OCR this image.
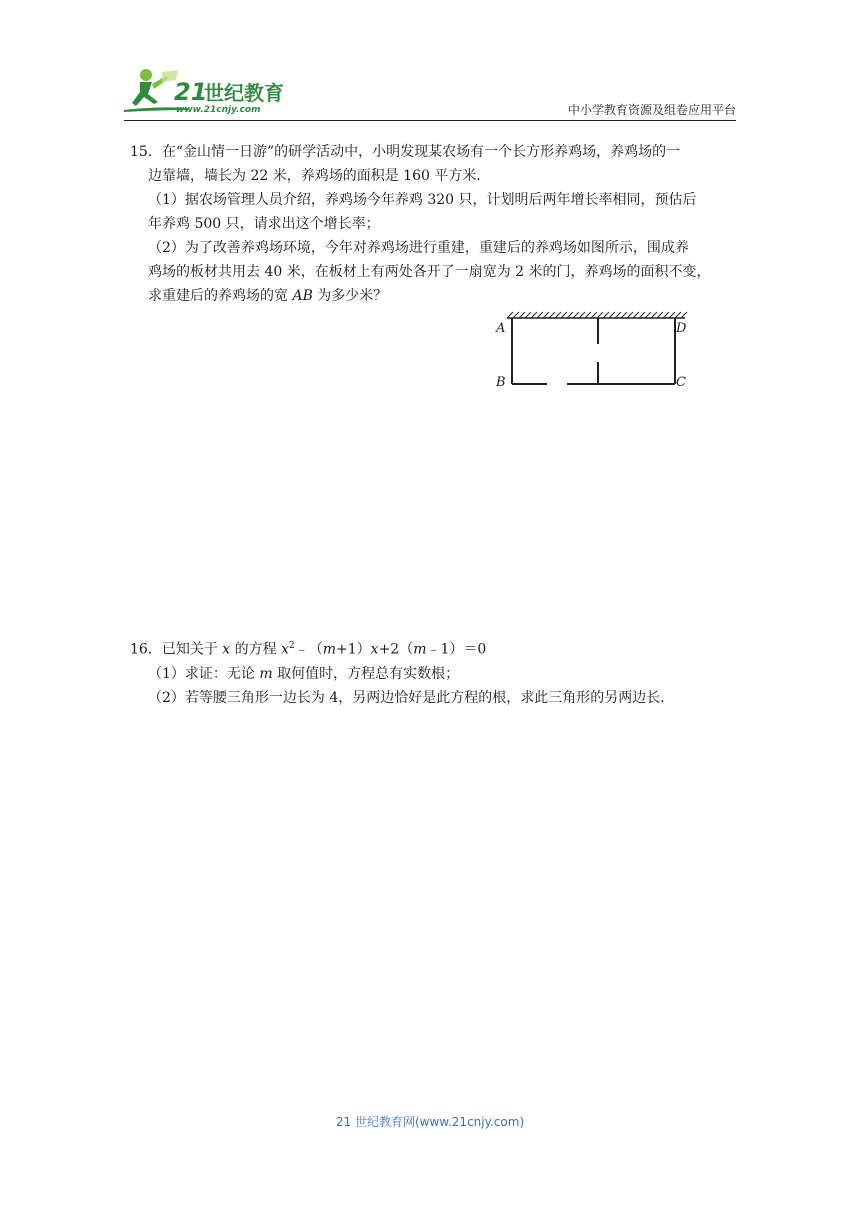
21
世纪教育
www.21cnjy.com	中小学教育资源及组卷应用平台
15．在“金山情一日游”的研学活动中，小明发现某农场有一个长方形养鸡场，养鸡场的一
边靠墙，墙长为 22 米，养鸡场的面积是 160 平方米．
（1）据农场管理人员介绍，养鸡场今年养鸡 320 只，计划明后两年增长率相同，预估后
年养鸡 500 只，请求出这个增长率；
（2）为了改善养鸡场环境，今年对养鸡场进行重建，重建后的养鸡场如图所示，围成养
鸡场的板材共用去 40 米，在板材上有两处各开了一扇宽为 2 米的门，养鸡场的面积不变，
求重建后的养鸡场的宽 AB 为多少米？
A
B	C
D
16．已知关于 x 的方程 $x^2﹣(m+1)x+2(m﹣1)=0$
（1）求证：无论 m 取何值时，方程总有实数根；
（2）若等腰三角形一边长为 4，另两边恰好是此方程的根，求此三角形的另两边长．
21 世纪教育网(www.21cnjy.com)
